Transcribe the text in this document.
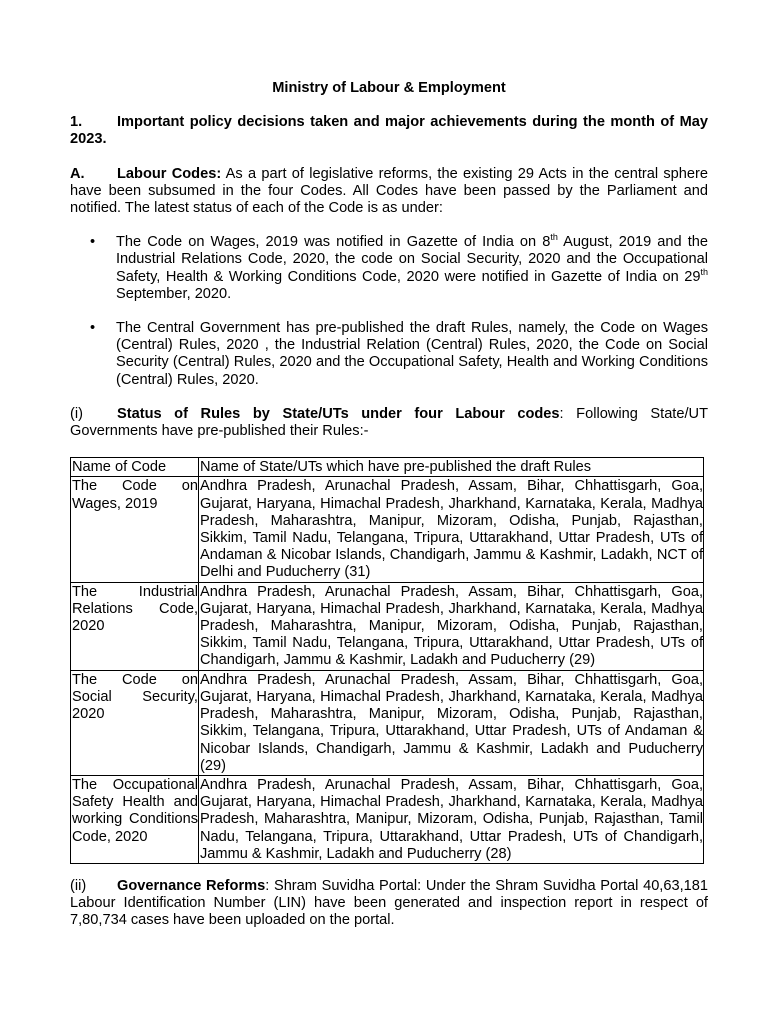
Ministry of Labour & Employment
1. Important policy decisions taken and major achievements during the month of May 2023.
A. Labour Codes: As a part of legislative reforms, the existing 29 Acts in the central sphere have been subsumed in the four Codes. All Codes have been passed by the Parliament and notified. The latest status of each of the Code is as under:
• The Code on Wages, 2019 was notified in Gazette of India on 8th August, 2019 and the Industrial Relations Code, 2020, the code on Social Security, 2020 and the Occupational Safety, Health & Working Conditions Code, 2020 were notified in Gazette of India on 29th September, 2020.
• The Central Government has pre-published the draft Rules, namely, the Code on Wages (Central) Rules, 2020 , the Industrial Relation (Central) Rules, 2020, the Code on Social Security (Central) Rules, 2020 and the Occupational Safety, Health and Working Conditions (Central) Rules, 2020.
(i) Status of Rules by State/UTs under four Labour codes: Following State/UT Governments have pre-published their Rules:-
Name of Code	Name of State/UTs which have pre-published the draft Rules
The Code on Wages, 2019	Andhra Pradesh, Arunachal Pradesh, Assam, Bihar, Chhattisgarh, Goa, Gujarat, Haryana, Himachal Pradesh, Jharkhand, Karnataka, Kerala, Madhya Pradesh, Maharashtra, Manipur, Mizoram, Odisha, Punjab, Rajasthan, Sikkim, Tamil Nadu, Telangana, Tripura, Uttarakhand, Uttar Pradesh, UTs of Andaman & Nicobar Islands, Chandigarh, Jammu & Kashmir, Ladakh, NCT of Delhi and Puducherry (31)
The Industrial Relations Code, 2020	Andhra Pradesh, Arunachal Pradesh, Assam, Bihar, Chhattisgarh, Goa, Gujarat, Haryana, Himachal Pradesh, Jharkhand, Karnataka, Kerala, Madhya Pradesh, Maharashtra, Manipur, Mizoram, Odisha, Punjab, Rajasthan, Sikkim, Tamil Nadu, Telangana, Tripura, Uttarakhand, Uttar Pradesh, UTs of Chandigarh, Jammu & Kashmir, Ladakh and Puducherry (29)
The Code on Social Security, 2020	Andhra Pradesh, Arunachal Pradesh, Assam, Bihar, Chhattisgarh, Goa, Gujarat, Haryana, Himachal Pradesh, Jharkhand, Karnataka, Kerala, Madhya Pradesh, Maharashtra, Manipur, Mizoram, Odisha, Punjab, Rajasthan, Sikkim, Telangana, Tripura, Uttarakhand, Uttar Pradesh, UTs of Andaman & Nicobar Islands, Chandigarh, Jammu & Kashmir, Ladakh and Puducherry (29)
The Occupational Safety Health and working Conditions Code, 2020	Andhra Pradesh, Arunachal Pradesh, Assam, Bihar, Chhattisgarh, Goa, Gujarat, Haryana, Himachal Pradesh, Jharkhand, Karnataka, Kerala, Madhya Pradesh, Maharashtra, Manipur, Mizoram, Odisha, Punjab, Rajasthan, Tamil Nadu, Telangana, Tripura, Uttarakhand, Uttar Pradesh, UTs of Chandigarh, Jammu & Kashmir, Ladakh and Puducherry (28)
(ii) Governance Reforms: Shram Suvidha Portal: Under the Shram Suvidha Portal 40,63,181 Labour Identification Number (LIN) have been generated and inspection report in respect of 7,80,734 cases have been uploaded on the portal.
